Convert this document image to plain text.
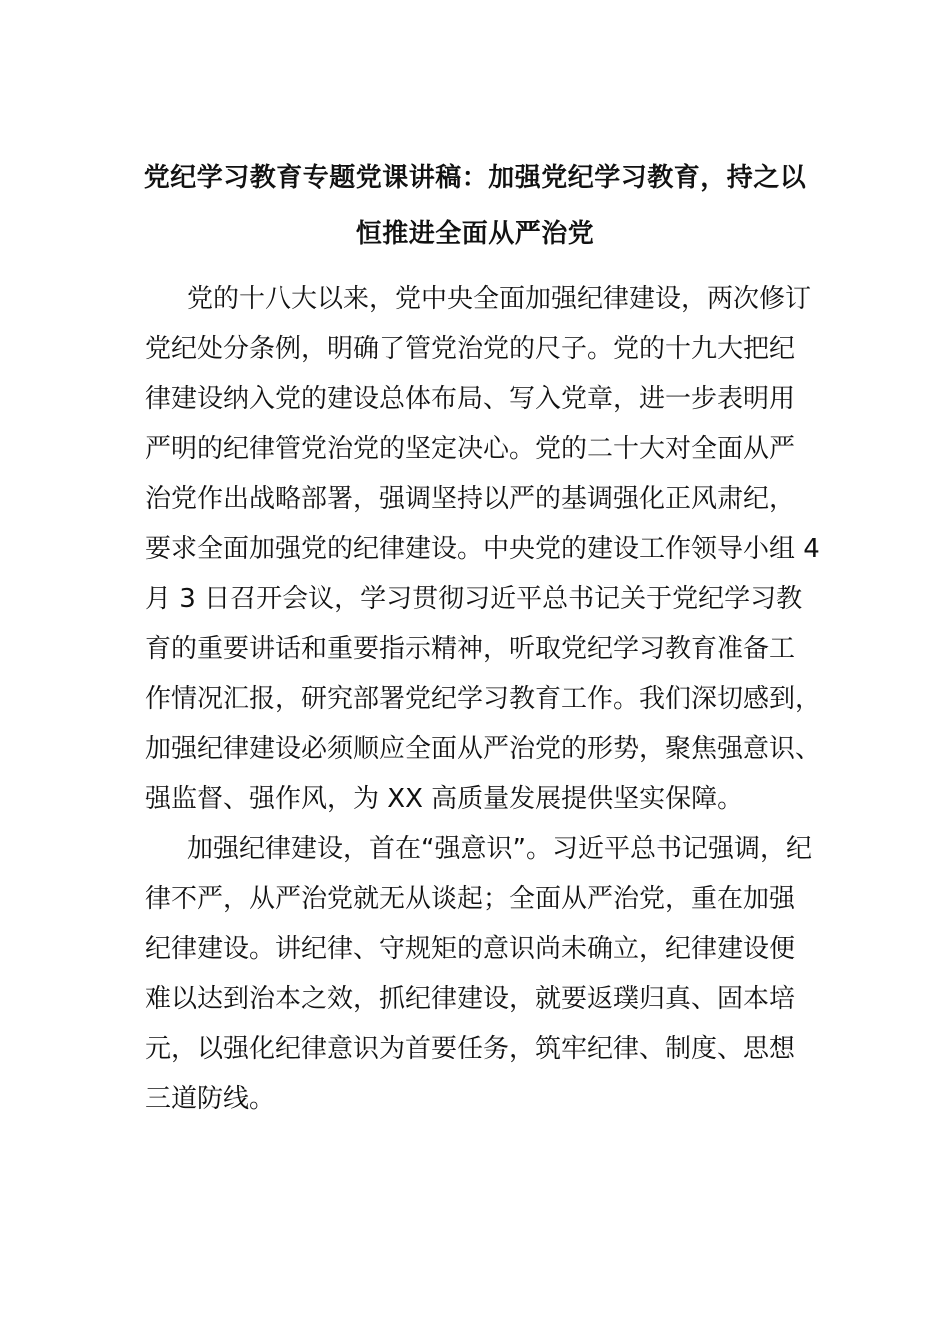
党纪学习教育专题党课讲稿：加强党纪学习教育，持之以
恒推进全面从严治党
党的十八大以来，党中央全面加强纪律建设，两次修订
党纪处分条例，明确了管党治党的尺子。党的十九大把纪
律建设纳入党的建设总体布局、写入党章，进一步表明用
严明的纪律管党治党的坚定决心。党的二十大对全面从严
治党作出战略部署，强调坚持以严的基调强化正风肃纪，
要求全面加强党的纪律建设。中央党的建设工作领导小组 4
月 3 日召开会议，学习贯彻习近平总书记关于党纪学习教
育的重要讲话和重要指示精神，听取党纪学习教育准备工
作情况汇报，研究部署党纪学习教育工作。我们深切感到，
加强纪律建设必须顺应全面从严治党的形势，聚焦强意识、
强监督、强作风，为 XX 高质量发展提供坚实保障。
加强纪律建设，首在“强意识”。习近平总书记强调，纪
律不严，从严治党就无从谈起；全面从严治党，重在加强
纪律建设。讲纪律、守规矩的意识尚未确立，纪律建设便
难以达到治本之效，抓纪律建设，就要返璞归真、固本培
元，以强化纪律意识为首要任务，筑牢纪律、制度、思想
三道防线。
